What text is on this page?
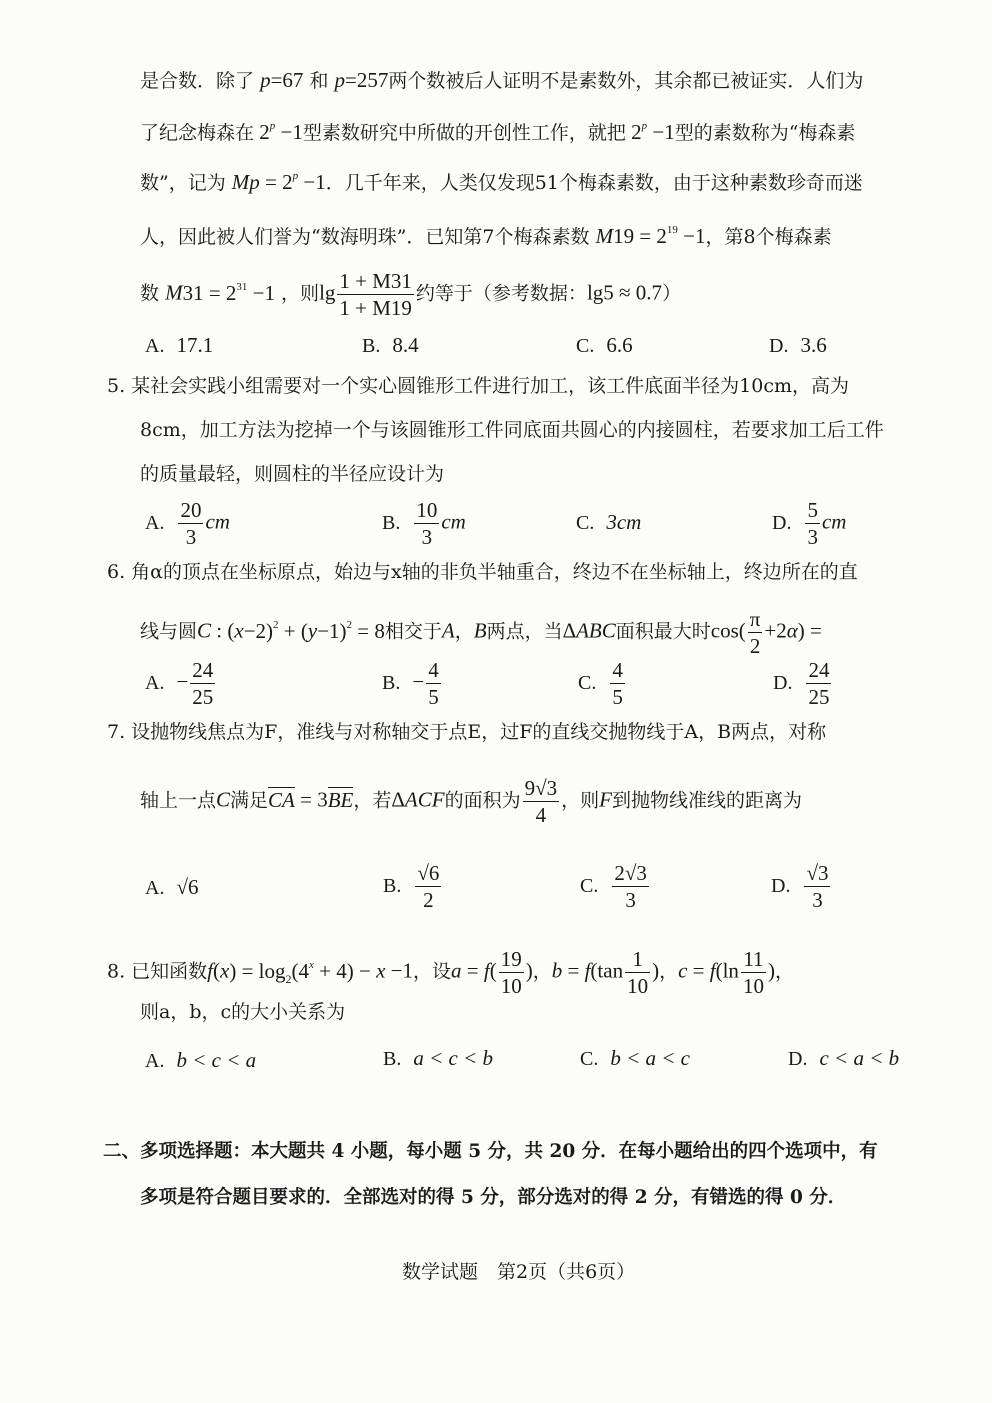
是合数．除了 p=67 和 p=257两个数被后人证明不是素数外，其余都已被证实．人们为
了纪念梅森在 $2^p -1$型素数研究中所做的开创性工作，就把 $2^p -1$型的素数称为“梅森素
数”，记为 $Mp = 2^p -1$．几千年来，人类仅发现51个梅森素数，由于这种素数珍奇而迷
人，因此被人们誉为“数海明珠”．已知第7个梅森素数 $M19 = 2^{19} -1$，第8个梅森素
数 $M31 = 2^{31} -1$ ，则$\lg \frac{1 + M31}{1 + M19}$ 约等于（参考数据：lg5 ≈ 0.7）
A. 17.1	B. 8.4	C. 6.6	D. 3.6
5. 某社会实践小组需要对一个实心圆锥形工件进行加工，该工件底面半径为10cm，高为
8cm，加工方法为挖掉一个与该圆锥形工件同底面共圆心的内接圆柱，若要求加工后工件
的质量最轻，则圆柱的半径应设计为
A. $\frac{20}{3}$ cm	B. $\frac{10}{3}$ cm	C. 3cm	D. $\frac{5}{3}$ cm
6. 角α的顶点在坐标原点，始边与x轴的非负半轴重合，终边不在坐标轴上，终边所在的直
线与圆C : $(x-2)^2 + (y-1)^2 = 8$相交于A，B两点，当ΔABC面积最大时$\cos( \frac{\pi}{2} +2\alpha)$ =
A. − $\frac{24}{25}$	B. − $\frac{4}{5}$	C. $\frac{4}{5}$	D. $\frac{24}{25}$
7. 设抛物线焦点为F，准线与对称轴交于点E，过F的直线交抛物线于A，B两点，对称
轴上一点C满足CA = 3BE，若ΔACF的面积为 $\frac{9√3}{4}$ ，则F到抛物线准线的距离为
A. √6	B. $\frac{√6}{2}$	C. $\frac{2√3}{3}$	D. $\frac{√3}{3}$
8. 已知函数$f(x) = \log_2(4^x + 4) - x -1$，设$a = f( \frac{19}{10}$ )，$b = f(\tan \frac{1}{10}$ )，$c = f(\ln \frac{11}{10}$ )，
则a，b，c的大小关系为
A. b < c < a	B. a < c < b	C. b < a < c	D. c < a < b
二、多项选择题：本大题共 4 小题，每小题 5 分，共 20 分．在每小题给出的四个选项中，有
多项是符合题目要求的．全部选对的得 5 分，部分选对的得 2 分，有错选的得 0 分．
数学试题　第2页（共6页）
